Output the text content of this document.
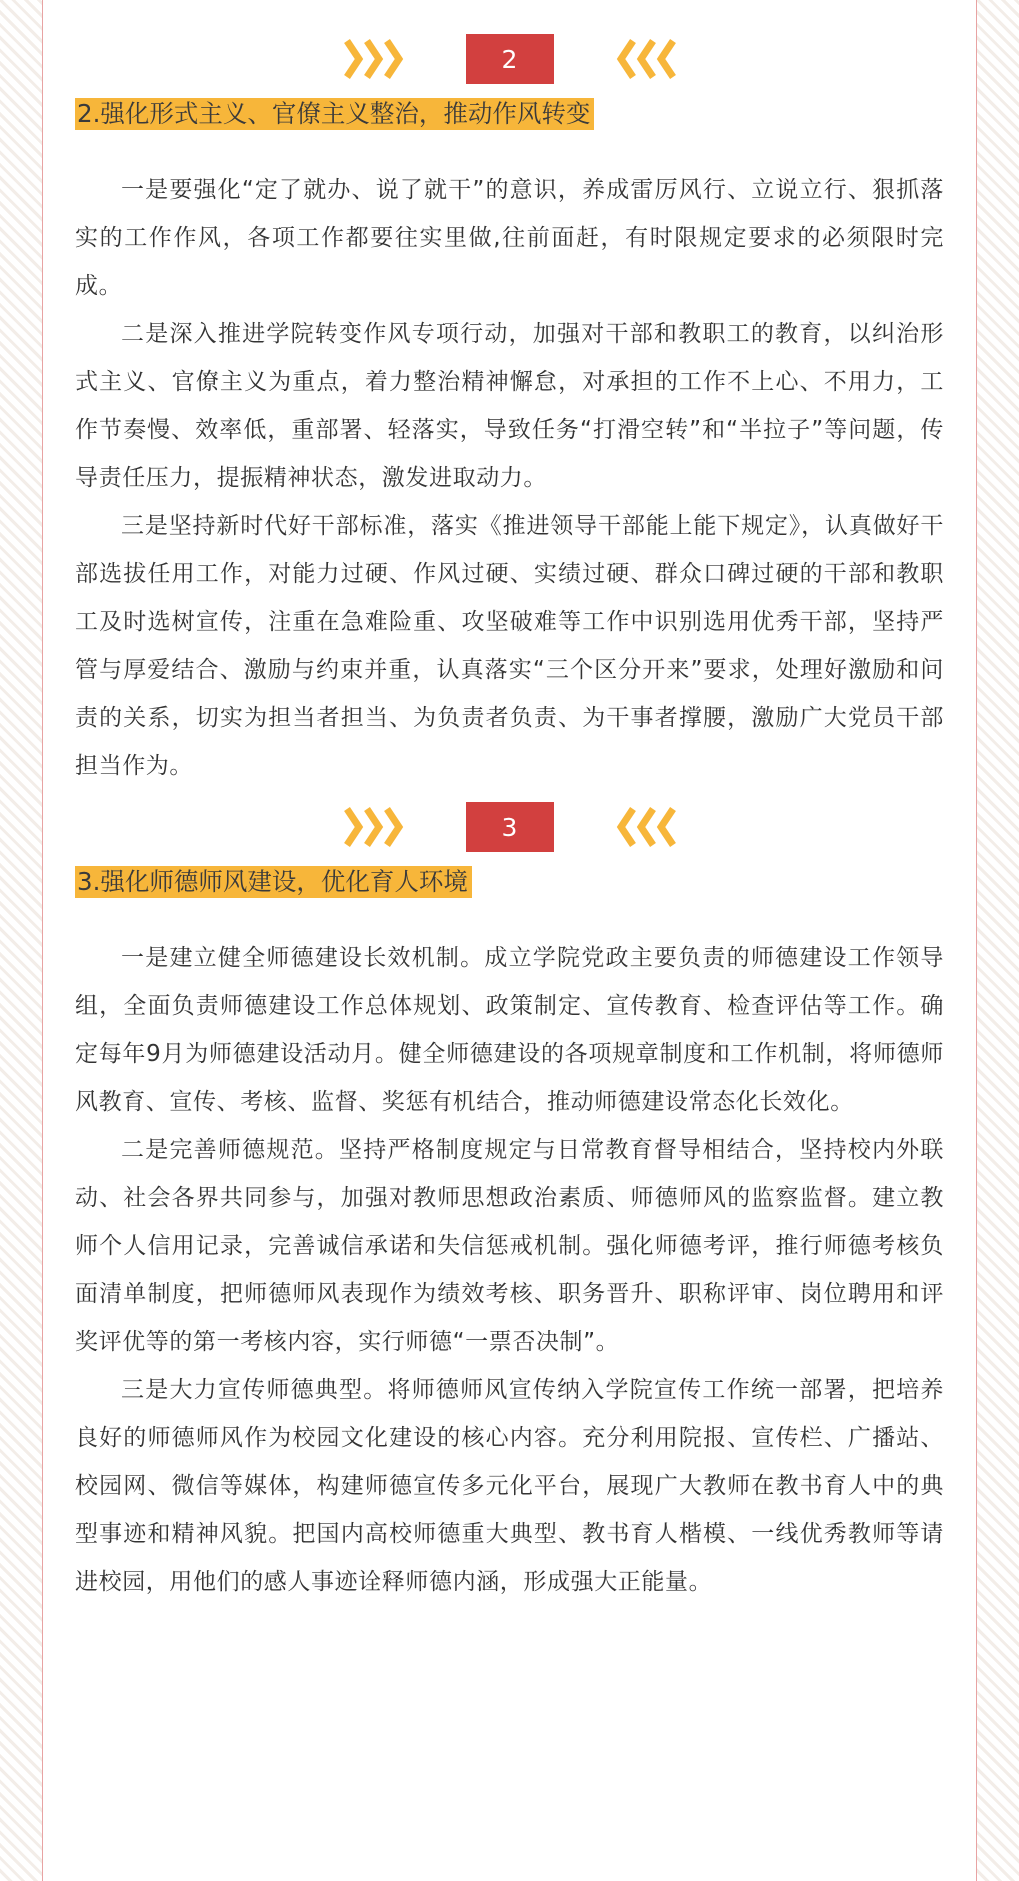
2
2.强化形式主义、官僚主义整治，推动作风转变

一是要强化“定了就办、说了就干”的意识，养成雷厉风行、立说立行、狠抓落实的工作作风，各项工作都要往实里做,往前面赶，有时限规定要求的必须限时完成。

二是深入推进学院转变作风专项行动，加强对干部和教职工的教育，以纠治形式主义、官僚主义为重点，着力整治精神懈怠，对承担的工作不上心、不用力，工作节奏慢、效率低，重部署、轻落实，导致任务“打滑空转”和“半拉子”等问题，传导责任压力，提振精神状态，激发进取动力。

三是坚持新时代好干部标准，落实《推进领导干部能上能下规定》，认真做好干部选拔任用工作，对能力过硬、作风过硬、实绩过硬、群众口碑过硬的干部和教职工及时选树宣传，注重在急难险重、攻坚破难等工作中识别选用优秀干部，坚持严管与厚爱结合、激励与约束并重，认真落实“三个区分开来”要求，处理好激励和问责的关系，切实为担当者担当、为负责者负责、为干事者撑腰，激励广大党员干部担当作为。

3
3.强化师德师风建设，优化育人环境

一是建立健全师德建设长效机制。成立学院党政主要负责的师德建设工作领导组，全面负责师德建设工作总体规划、政策制定、宣传教育、检查评估等工作。确定每年9月为师德建设活动月。健全师德建设的各项规章制度和工作机制，将师德师风教育、宣传、考核、监督、奖惩有机结合，推动师德建设常态化长效化。

二是完善师德规范。坚持严格制度规定与日常教育督导相结合，坚持校内外联动、社会各界共同参与，加强对教师思想政治素质、师德师风的监察监督。建立教师个人信用记录，完善诚信承诺和失信惩戒机制。强化师德考评，推行师德考核负面清单制度，把师德师风表现作为绩效考核、职务晋升、职称评审、岗位聘用和评奖评优等的第一考核内容，实行师德“一票否决制”。

三是大力宣传师德典型。将师德师风宣传纳入学院宣传工作统一部署，把培养良好的师德师风作为校园文化建设的核心内容。充分利用院报、宣传栏、广播站、校园网、微信等媒体，构建师德宣传多元化平台，展现广大教师在教书育人中的典型事迹和精神风貌。把国内高校师德重大典型、教书育人楷模、一线优秀教师等请进校园，用他们的感人事迹诠释师德内涵，形成强大正能量。
